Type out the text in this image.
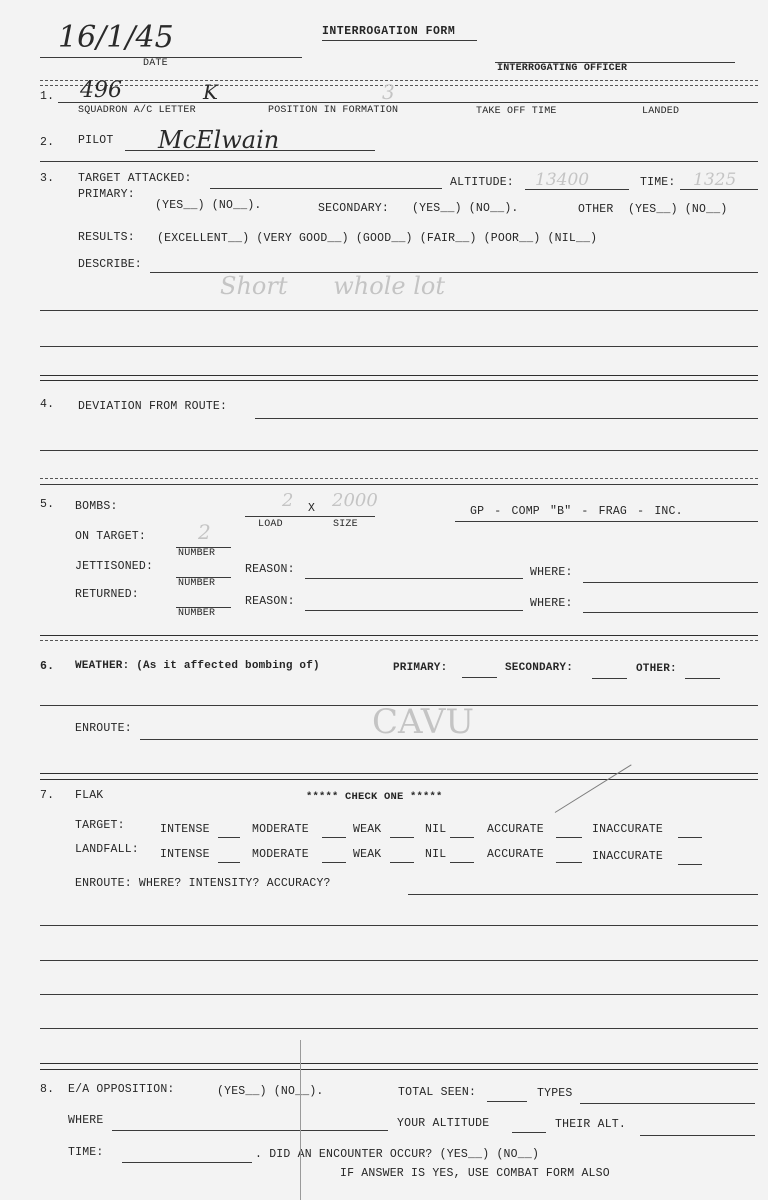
INTERROGATION FORM
16/1/45
DATE	INTERROGATING OFFICER
1. 496	K	3
SQUADRON A/C LETTER	POSITION IN FORMATION	TAKE OFF TIME	LANDED
2. PILOT McElwain
3. TARGET ATTACKED:	ALTITUDE: 13400	TIME: 1325
PRIMARY:
(YES__) (NO__).	SECONDARY: (YES__) (NO__).	OTHER (YES__) (NO__)
RESULTS: (EXCELLENT__) (VERY GOOD__) (GOOD__) (FAIR__) (POOR__) (NIL__)
DESCRIBE:
Short      whole lot
4. DEVIATION FROM ROUTE:
5. BOMBS:	2 X 2000
LOAD	SIZE
GP - COMP "B" - FRAG - INC.
ON TARGET:	2
NUMBER
JETTISONED:
NUMBER
REASON:	WHERE:
RETURNED:
NUMBER
REASON:	WHERE:
6. WEATHER: (As it affected bombing of)	PRIMARY:	SECONDARY:	OTHER:
ENROUTE:	CAVU
7. FLAK	***** CHECK ONE *****
TARGET:	INTENSE	MODERATE	WEAK	NIL	ACCURATE	INACCURATE
LANDFALL: INTENSE	MODERATE	WEAK	NIL	ACCURATE	INACCURATE
ENROUTE: WHERE? INTENSITY? ACCURACY?
8. E/A OPPOSITION:	(YES__) (NO__).	TOTAL SEEN:	TYPES
WHERE	YOUR ALTITUDE	THEIR ALT.
TIME:	. DID AN ENCOUNTER OCCUR? (YES__) (NO__)
IF ANSWER IS YES, USE COMBAT FORM ALSO
